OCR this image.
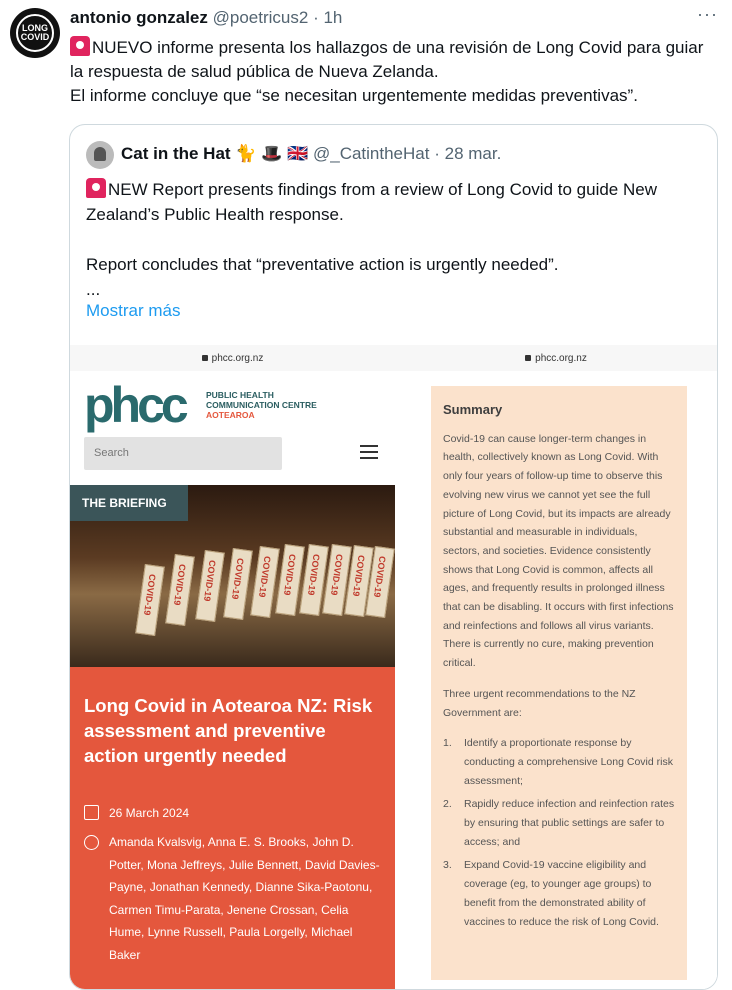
LONG
COVID
antonio gonzalez @poetricus2 · 1h	···
NUEVO informe presenta los hallazgos de una revisión de Long Covid para guiar la respuesta de salud pública de Nueva Zelanda.
El informe concluye que “se necesitan urgentemente medidas preventivas”.
Cat in the Hat 🐈 🎩 🇬🇧 @_CatintheHat · 28 mar.
NEW Report presents findings from a review of Long Covid to guide New Zealand’s Public Health response.
Report concludes that “preventative action is urgently needed”.
...
Mostrar más
phcc.org.nz
phcc	PUBLIC HEALTH
COMMUNICATION CENTRE
AOTEAROA
Search
COVID-19 COVID-19 COVID-19 COVID-19 COVID-19 COVID-19 COVID-19 COVID-19 COVID-19 COVID-19
THE BRIEFING
Long Covid in Aotearoa NZ: Risk assessment and preventive action urgently needed
26 March 2024
Amanda Kvalsvig, Anna E. S. Brooks, John D. Potter, Mona Jeffreys, Julie Bennett, David Davies-Payne, Jonathan Kennedy, Dianne Sika-Paotonu, Carmen Timu-Parata, Jenene Crossan, Celia Hume, Lynne Russell, Paula Lorgelly, Michael Baker
phcc.org.nz
Summary
Covid-19 can cause longer-term changes in health, collectively known as Long Covid. With only four years of follow-up time to observe this evolving new virus we cannot yet see the full picture of Long Covid, but its impacts are already substantial and measurable in individuals, sectors, and societies. Evidence consistently shows that Long Covid is common, affects all ages, and frequently results in prolonged illness that can be disabling. It occurs with first infections and reinfections and follows all virus variants. There is currently no cure, making prevention critical.
Three urgent recommendations to the NZ Government are:
1. Identify a proportionate response by conducting a comprehensive Long Covid risk assessment;
2. Rapidly reduce infection and reinfection rates by ensuring that public settings are safer to access; and
3. Expand Covid-19 vaccine eligibility and coverage (eg, to younger age groups) to benefit from the demonstrated ability of vaccines to reduce the risk of Long Covid.
